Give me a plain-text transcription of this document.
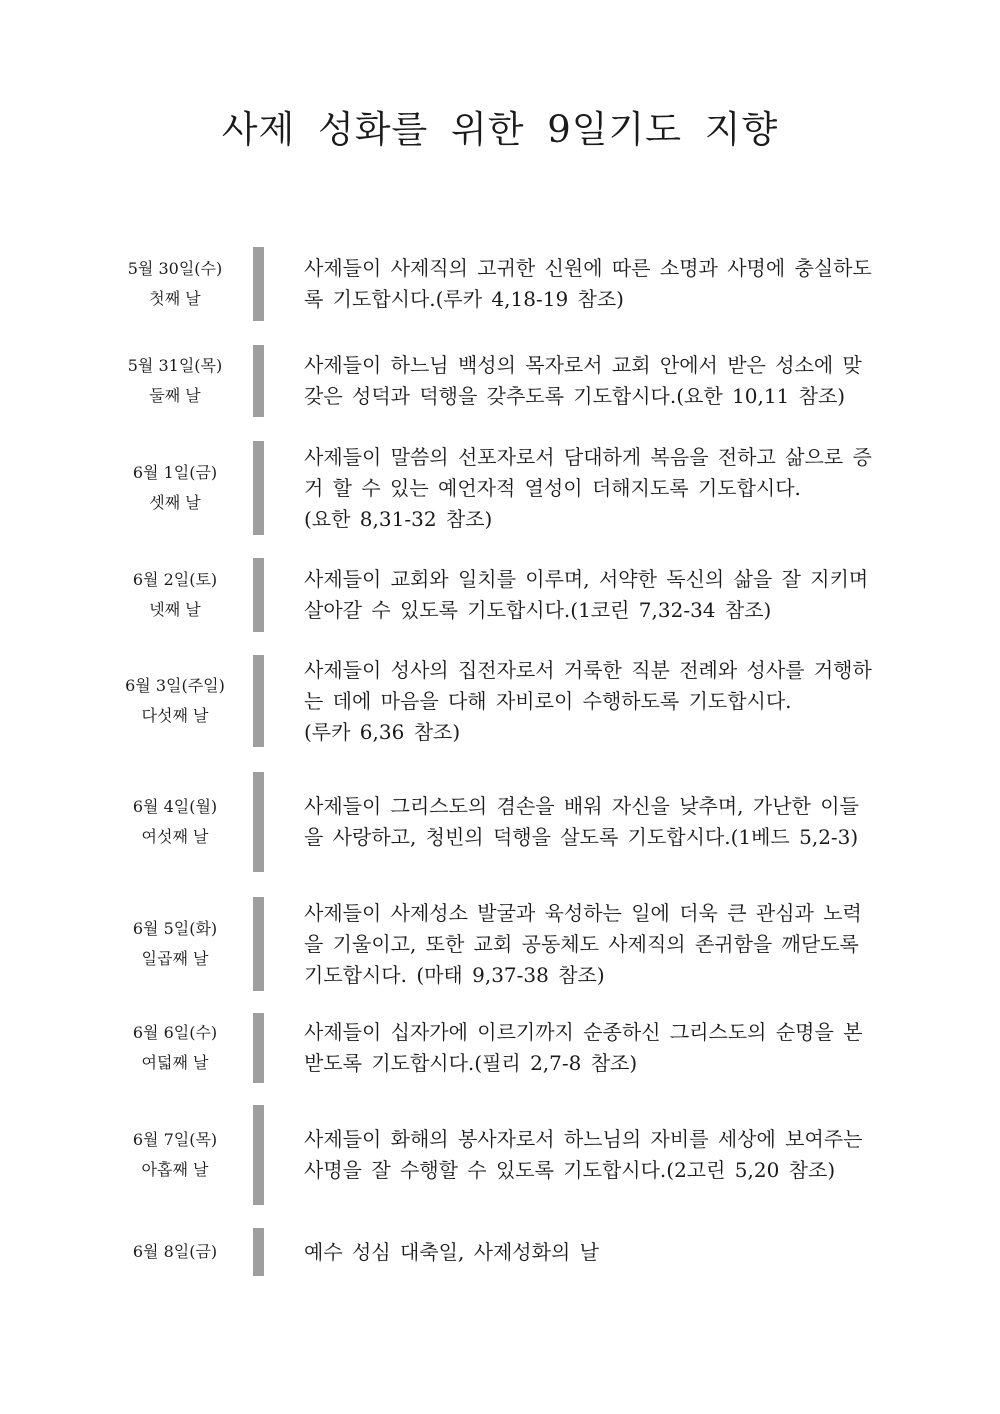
사제 성화를 위한 9일기도 지향
5월 30일(수)
첫째 날
사제들이 사제직의 고귀한 신원에 따른 소명과 사명에 충실하도
록 기도합시다.(루카 4,18-19 참조)
5월 31일(목)
둘째 날
사제들이 하느님 백성의 목자로서 교회 안에서 받은 성소에 맞
갖은 성덕과 덕행을 갖추도록 기도합시다.(요한 10,11 참조)
6월 1일(금)
셋째 날
사제들이 말씀의 선포자로서 담대하게 복음을 전하고 삶으로 증
거 할 수 있는 예언자적 열성이 더해지도록 기도합시다.
(요한 8,31-32 참조)
6월 2일(토)
넷째 날
사제들이 교회와 일치를 이루며, 서약한 독신의 삶을 잘 지키며
살아갈 수 있도록 기도합시다.(1코린 7,32-34 참조)
6월 3일(주일)
다섯째 날
사제들이 성사의 집전자로서 거룩한 직분 전례와 성사를 거행하
는 데에 마음을 다해 자비로이 수행하도록 기도합시다.
(루카 6,36 참조)
6월 4일(월)
여섯째 날
사제들이 그리스도의 겸손을 배워 자신을 낮추며, 가난한 이들
을 사랑하고, 청빈의 덕행을 살도록 기도합시다.(1베드 5,2-3)
6월 5일(화)
일곱째 날
사제들이 사제성소 발굴과 육성하는 일에 더욱 큰 관심과 노력
을 기울이고, 또한 교회 공동체도 사제직의 존귀함을 깨닫도록
기도합시다. (마태 9,37-38 참조)
6월 6일(수)
여덟째 날
사제들이 십자가에 이르기까지 순종하신 그리스도의 순명을 본
받도록 기도합시다.(필리 2,7-8 참조)
6월 7일(목)
아홉째 날
사제들이 화해의 봉사자로서 하느님의 자비를 세상에 보여주는
사명을 잘 수행할 수 있도록 기도합시다.(2고린 5,20 참조)
6월 8일(금)	예수 성심 대축일, 사제성화의 날
